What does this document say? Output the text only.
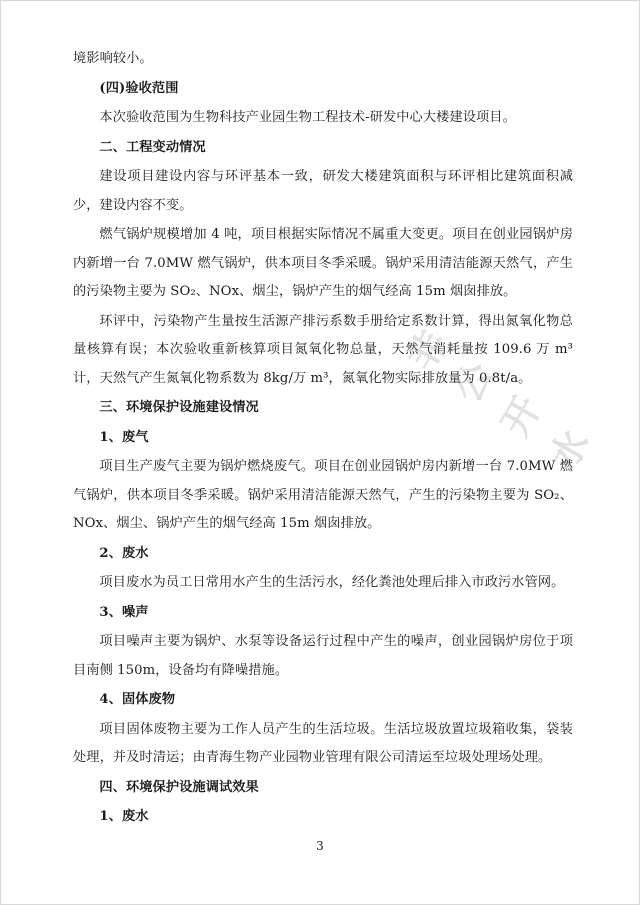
境影响较小。

(四)验收范围

本次验收范围为生物科技产业园生物工程技术-研发中心大楼建设项目。

二、工程变动情况

建设项目建设内容与环评基本一致，研发大楼建筑面积与环评相比建筑面积减少，建设内容不变。

燃气锅炉规模增加 4 吨，项目根据实际情况不属重大变更。项目在创业园锅炉房内新增一台 7.0MW 燃气锅炉，供本项目冬季采暖。锅炉采用清洁能源天然气，产生的污染物主要为 SO₂、NOx、烟尘，锅炉产生的烟气经高 15m 烟囱排放。

环评中，污染物产生量按生活源产排污系数手册给定系数计算，得出氮氧化物总量核算有误；本次验收重新核算项目氮氧化物总量，天然气消耗量按 109.6 万 m³ 计，天然气产生氮氧化物系数为 8kg/万 m³，氮氧化物实际排放量为 0.8t/a。

三、环境保护设施建设情况

1、废气

项目生产废气主要为锅炉燃烧废气。项目在创业园锅炉房内新增一台 7.0MW 燃气锅炉，供本项目冬季采暖。锅炉采用清洁能源天然气，产生的污染物主要为 SO₂、NOx、烟尘、锅炉产生的烟气经高 15m 烟囱排放。

2、废水

项目废水为员工日常用水产生的生活污水，经化粪池处理后排入市政污水管网。

3、噪声

项目噪声主要为锅炉、水泵等设备运行过程中产生的噪声，创业园锅炉房位于项目南侧 150m，设备均有降噪措施。

4、固体废物

项目固体废物主要为工作人员产生的生活垃圾。生活垃圾放置垃圾箱收集，袋装处理，并及时清运；由青海生物产业园物业管理有限公司清运至垃圾处理场处理。

四、环境保护设施调试效果

1、废水

非
公
开
水
3
